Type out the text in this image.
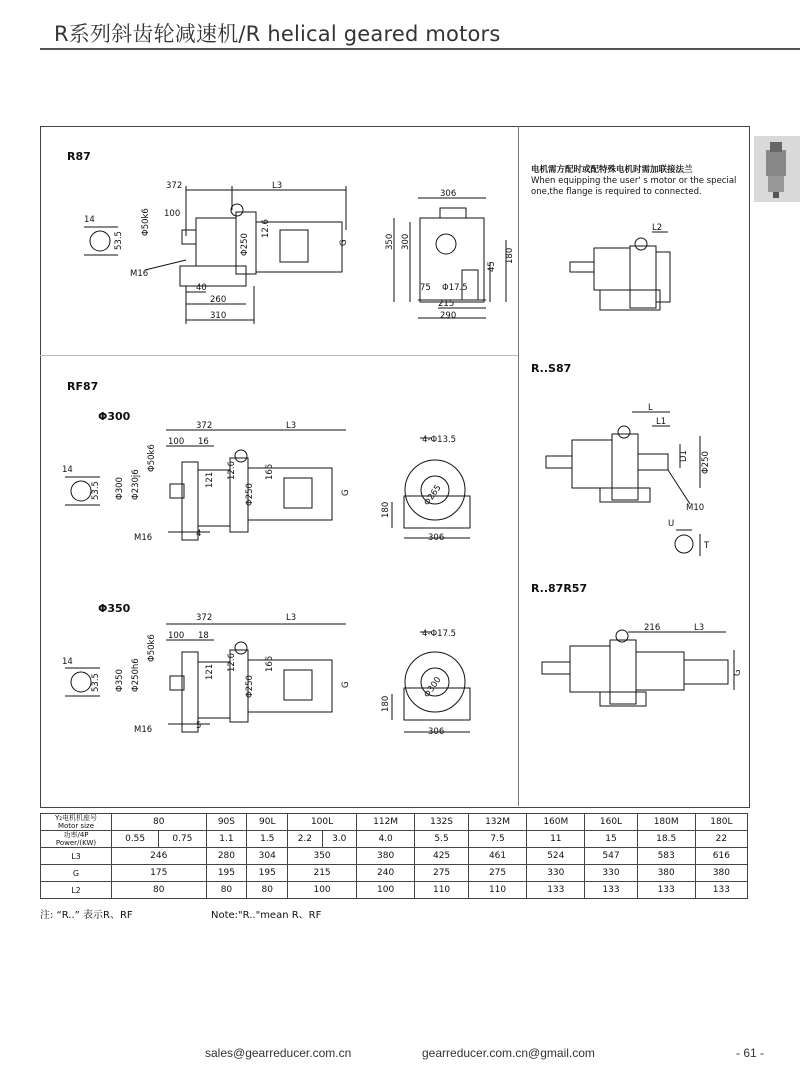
R系列斜齿轮减速机/R helical geared motors
R87
RF87
Φ300
Φ350
R..S87
R..87R57
电机需方配时或配特殊电机时需加联接法兰
When equipping the user' s motor or the special one,the flange is required to connected.
372	L3
306
14
100
Φ50k6
53.5	Φ250
12.6
G	350 300
45
180
M16
40
260
310
75 Φ17.5
215
290
372	L3
100 16
14
Φ300 Φ230j6
Φ50k6
121 12.6
Φ250
165
G
53.5
M16	4
4-Φ13.5
Φ265
180
306
372	L3
100 18
14
Φ350 Φ250h6
Φ50k6
121 12.6
Φ250
165
G
53.5
M16	5
4-Φ17.5
Φ300
180
306
L2
L
L1
D1 Φ250
M10
U
T
216	L3
G
Y₂电机机座号
Motor size	80		90S	90L	100L		112M	132S	132M	160M	160L	180M	180L
功率/4P
Power/(KW)	0.55	0.75	1.1	1.5	2.2	3.0	4.0	5.5	7.5	11	15	18.5	22
L3	246		280	304	350		380	425	461	524	547	583	616
G	175		195	195	215		240	275	275	330	330	380	380
L2	80		80	80	100		100	110	110	133	133	133	133
注: “R..” 表示R、RF	Note:"R.."mean R、RF
sales@gearreducer.com.cn	gearreducer.com.cn@gmail.com	- 61 -
